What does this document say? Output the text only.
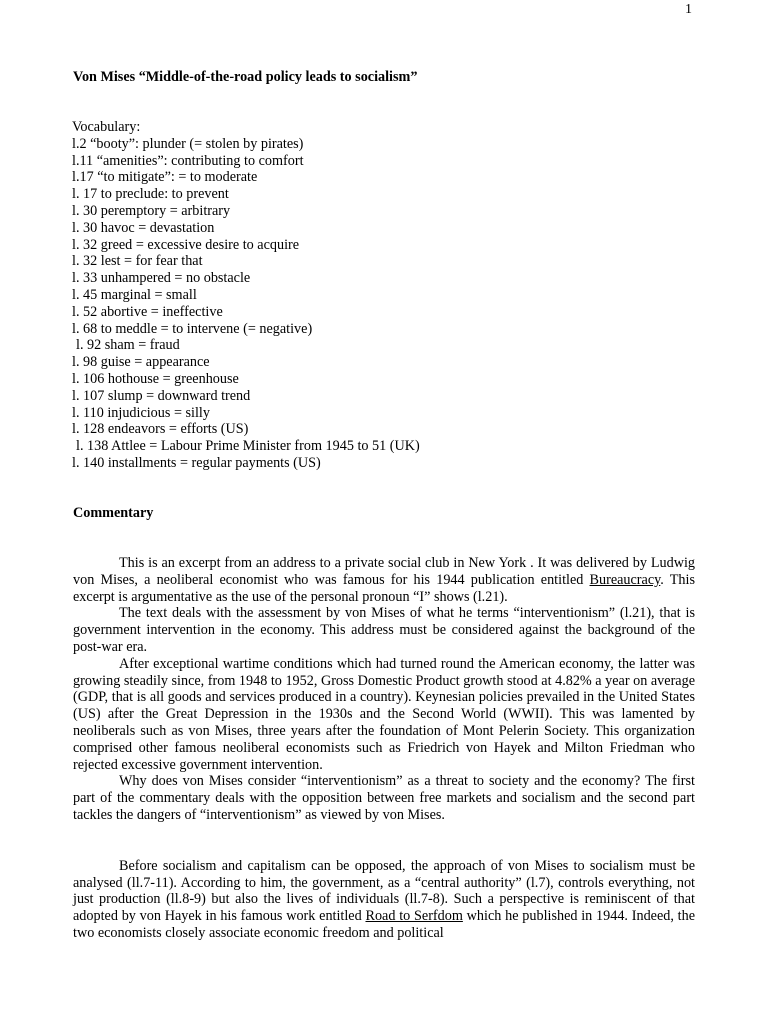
1
Von Mises “Middle-of-the-road policy leads to socialism”
Vocabulary:
l.2 “booty”: plunder (= stolen by pirates)
l.11 “amenities”: contributing to comfort
l.17 “to mitigate”: = to moderate
l. 17 to preclude: to prevent
l. 30 peremptory = arbitrary
l. 30 havoc = devastation
l. 32 greed = excessive desire to acquire
l. 32 lest = for fear that
l. 33 unhampered = no obstacle
l. 45 marginal = small
l. 52 abortive = ineffective
l. 68 to meddle = to intervene (= negative)
l. 92 sham = fraud
l. 98 guise = appearance
l. 106 hothouse = greenhouse
l. 107 slump = downward trend
l. 110 injudicious = silly
l. 128 endeavors = efforts (US)
l. 138 Attlee = Labour Prime Minister from 1945 to 51 (UK)
l. 140 installments = regular payments (US)
Commentary

This is an excerpt from an address to a private social club in New York . It was delivered by Ludwig von Mises, a neoliberal economist who was famous for his 1944 publication entitled Bureaucracy. This excerpt is argumentative as the use of the personal pronoun “I” shows (l.21).

The text deals with the assessment by von Mises of what he terms “interventionism” (l.21), that is government intervention in the economy. This address must be considered against the background of the post-war era.

After exceptional wartime conditions which had turned round the American economy, the latter was growing steadily since, from 1948 to 1952, Gross Domestic Product growth stood at 4.82% a year on average (GDP, that is all goods and services produced in a country). Keynesian policies prevailed in the United States (US) after the Great Depression in the 1930s and the Second World (WWII). This was lamented by neoliberals such as von Mises, three years after the foundation of Mont Pelerin Society. This organization comprised other famous neoliberal economists such as Friedrich von Hayek and Milton Friedman who rejected excessive government intervention.

Why does von Mises consider “interventionism” as a threat to society and the economy? The first part of the commentary deals with the opposition between free markets and socialism and the second part tackles the dangers of “interventionism” as viewed by von Mises.

Before socialism and capitalism can be opposed, the approach of von Mises to socialism must be analysed (ll.7-11). According to him, the government, as a “central authority” (l.7), controls everything, not just production (ll.8-9) but also the lives of individuals (ll.7-8). Such a perspective is reminiscent of that adopted by von Hayek in his famous work entitled Road to Serfdom which he published in 1944. Indeed, the two economists closely associate economic freedom and political
